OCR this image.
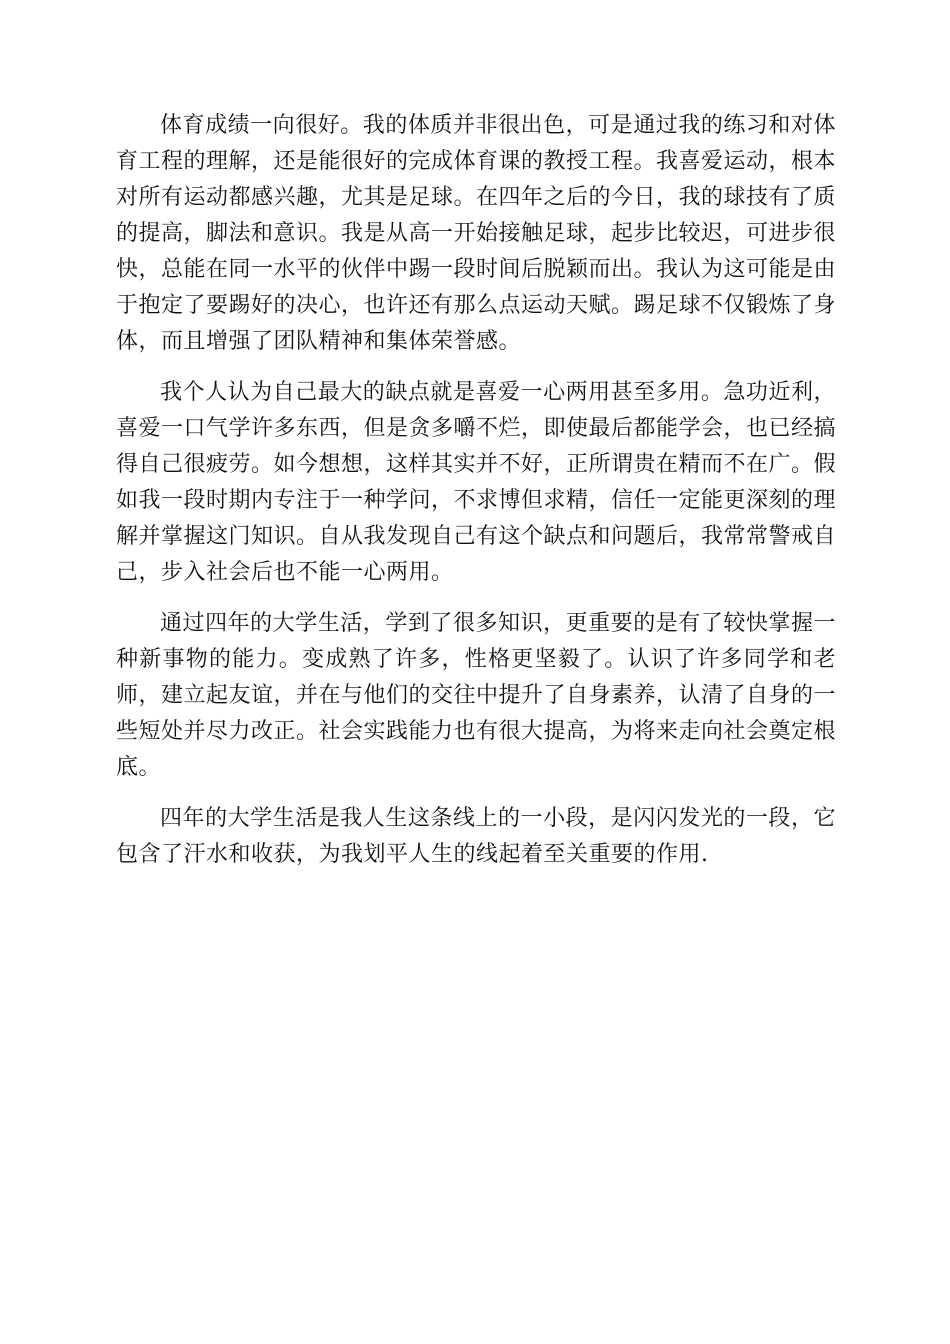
体育成绩一向很好。我的体质并非很出色，可是通过我的练习和对体育工程的理解，还是能很好的完成体育课的教授工程。我喜爱运动，根本对所有运动都感兴趣，尤其是足球。在四年之后的今日，我的球技有了质的提高，脚法和意识。我是从高一开始接触足球，起步比较迟，可进步很快，总能在同一水平的伙伴中踢一段时间后脱颖而出。我认为这可能是由于抱定了要踢好的决心，也许还有那么点运动天赋。踢足球不仅锻炼了身体，而且增强了团队精神和集体荣誉感。

我个人认为自己最大的缺点就是喜爱一心两用甚至多用。急功近利，喜爱一口气学许多东西，但是贪多嚼不烂，即使最后都能学会，也已经搞得自己很疲劳。如今想想，这样其实并不好，正所谓贵在精而不在广。假如我一段时期内专注于一种学问，不求博但求精，信任一定能更深刻的理解并掌握这门知识。自从我发现自己有这个缺点和问题后，我常常警戒自己，步入社会后也不能一心两用。

通过四年的大学生活，学到了很多知识，更重要的是有了较快掌握一种新事物的能力。变成熟了许多，性格更坚毅了。认识了许多同学和老师，建立起友谊，并在与他们的交往中提升了自身素养，认清了自身的一些短处并尽力改正。社会实践能力也有很大提高，为将来走向社会奠定根底。

四年的大学生活是我人生这条线上的一小段，是闪闪发光的一段，它包含了汗水和收获，为我划平人生的线起着至关重要的作用.
